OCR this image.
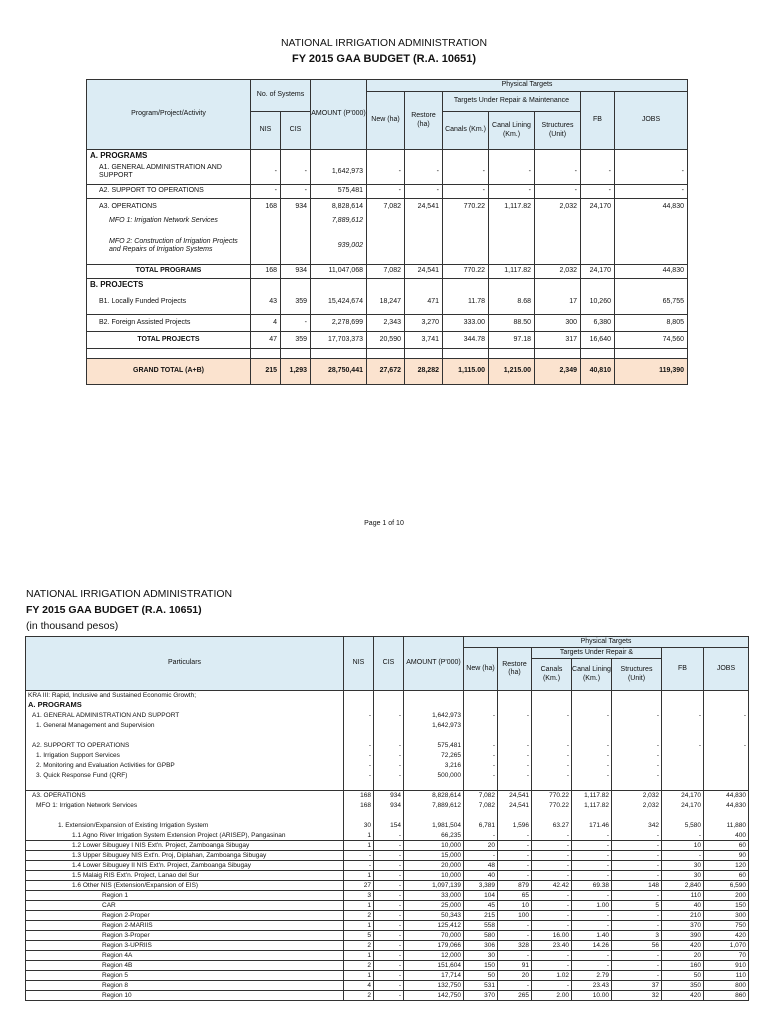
NATIONAL IRRIGATION ADMINISTRATION
FY 2015 GAA BUDGET (R.A. 10651)
Program/Project/Activity	No. of Systems		AMOUNT (P'000)	Physical Targets						
				New (ha)	Restore (ha)	Targets Under Repair & Maintenance			FB	JOBS
	NIS	CIS				Canals (Km.)	Canal Lining (Km.)	Structures (Unit)		
A. PROGRAMS										
A1. GENERAL ADMINISTRATION AND SUPPORT	-	-	1,642,973	-	-	-	-	-	-	-
A2. SUPPORT TO OPERATIONS	-	-	575,481	-	-	-	-	-	-	-
A3. OPERATIONS	168	934	8,828,614	7,082	24,541	770.22	1,117.82	2,032	24,170	44,830
MFO 1: Irrigation Network Services			7,889,612							
MFO 2: Construction of Irrigation Projects and Repairs of Irrigation Systems			939,002							
TOTAL PROGRAMS	168	934	11,047,068	7,082	24,541	770.22	1,117.82	2,032	24,170	44,830
B. PROJECTS										
B1. Locally Funded Projects	43	359	15,424,674	18,247	471	11.78	8.68	17	10,260	65,755
B2. Foreign Assisted Projects	4	-	2,278,699	2,343	3,270	333.00	88.50	300	6,380	8,805
TOTAL PROJECTS	47	359	17,703,373	20,590	3,741	344.78	97.18	317	16,640	74,560

GRAND TOTAL (A+B)	215	1,293	28,750,441	27,672	28,282	1,115.00	1,215.00	2,349	40,810	119,390
Page 1 of 10
NATIONAL IRRIGATION ADMINISTRATION
FY 2015 GAA BUDGET (R.A. 10651)
(in thousand pesos)
Particulars	NIS	CIS	AMOUNT (P'000)	Physical Targets						
				New (ha)	Restore (ha)	Targets Under Repair &			FB	JOBS
						Canals (Km.)	Canal Lining (Km.)	Structures (Unit)		
KRA III: Rapid, Inclusive and Sustained Economic Growth;										
A. PROGRAMS										
A1. GENERAL ADMINISTRATION AND SUPPORT	-	-	1,642,973	-	-	-	-	-	-	-
1. General Management and Supervision			1,642,973							

A2. SUPPORT TO OPERATIONS	-	-	575,481	-	-	-	-	-	-	-
1. Irrigation Support Services	-	-	72,265	-	-	-	-	-		
2. Monitoring and Evaluation Activities for GPBP	-	-	3,216	-	-	-	-	-		
3. Quick Response Fund (QRF)	-	-	500,000	-	-	-	-	-		

A3. OPERATIONS	168	934	8,828,614	7,082	24,541	770.22	1,117.82	2,032	24,170	44,830
MFO 1: Irrigation Network Services	168	934	7,889,612	7,082	24,541	770.22	1,117.82	2,032	24,170	44,830

1. Extension/Expansion of Existing Irrigation System	30	154	1,981,504	6,781	1,596	63.27	171.46	342	5,580	11,880
1.1 Agno River Irrigation System Extension Project (ARISEP), Pangasinan	1	-	66,235	-	-	-	-	-	-	400
1.2 Lower Sibuguey I NIS Ext'n. Project, Zamboanga Sibugay	1	-	10,000	20	-	-	-	-	10	60
1.3 Upper Sibuguey NIS Ext'n. Proj, Diplahan, Zamboanga Sibugay	-	-	15,000	-	-	-	-	-	-	90
1.4 Lower Sibuguey II NIS Ext'n. Project, Zamboanga Sibugay	-	-	20,000	48	-	-	-	-	30	120
1.5 Malaig RIS Ext'n. Project, Lanao del Sur	1	-	10,000	40	-	-	-	-	30	60
1.6 Other NIS (Extension/Expansion of EIS)	27	-	1,097,139	3,389	879	42.42	69.38	148	2,840	6,590
Region 1	3	-	33,000	104	65	-	-	-	110	200
CAR	1	-	25,000	45	10	-	1.00	5	40	150
Region 2-Proper	2	-	50,343	215	100	-	-	-	210	300
Region 2-MARIIS	1	-	125,412	558	-	-	-	-	370	750
Region 3-Proper	5	-	70,000	580	-	16.00	1.40	3	390	420
Region 3-UPRIIS	2	-	179,066	306	328	23.40	14.26	56	420	1,070
Region 4A	1	-	12,000	30	-	-	-	-	20	70
Region 4B	2	-	151,604	150	91	-	-	-	160	910
Region 5	1	-	17,714	50	20	1.02	2.79	-	50	110
Region 8	4	-	132,750	531	-	-	23.43	37	350	800
Region 10	2	-	142,750	370	265	2.00	10.00	32	420	860
